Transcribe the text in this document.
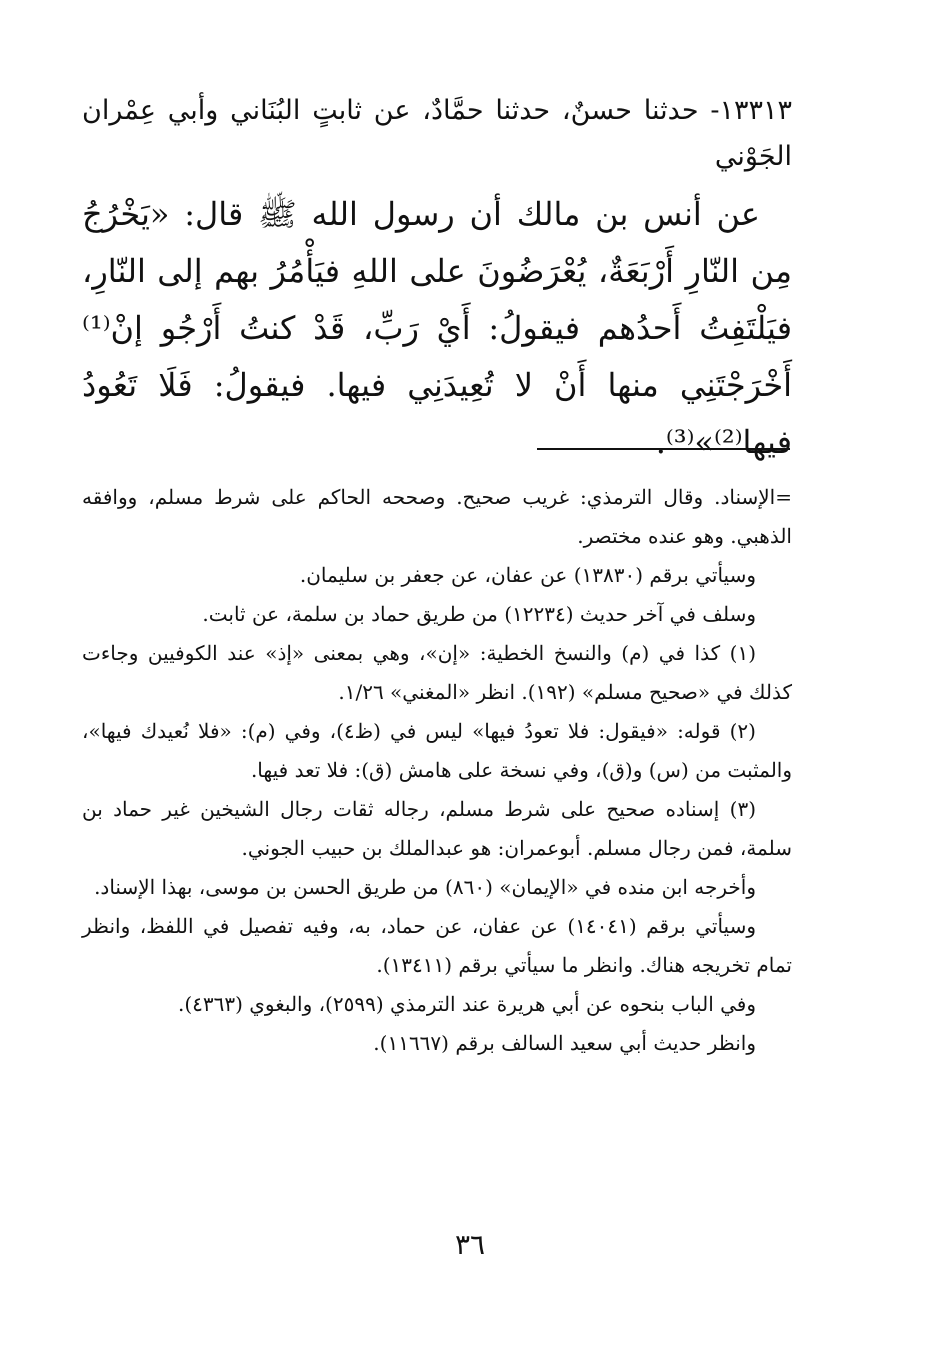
١٣٣١٣- حدثنا حسنٌ، حدثنا حمَّادٌ، عن ثابتٍ البُنَاني وأبي عِمْران الجَوْني

عن أنس بن مالك أن رسول الله ﷺ قال: «يَخْرُجُ مِن النّارِ أَرْبَعَةٌ، يُعْرَضُونَ على اللهِ فيَأْمُرُ بهم إلى النّارِ، فيَلْتَفِتُ أَحدُهم فيقولُ: أَيْ رَبِّ، قَدْ كنتُ أَرْجُو إنْ⁽¹⁾ أَخْرَجْتَنِي منها أَنْ لا تُعِيدَنِي فيها. فيقولُ: فَلَا تَعُودُ فيها⁽²⁾»⁽³⁾.

=الإسناد. وقال الترمذي: غريب صحيح. وصححه الحاكم على شرط مسلم، ووافقه الذهبي. وهو عنده مختصر.

وسيأتي برقم (١٣٨٣٠) عن عفان، عن جعفر بن سليمان.

وسلف في آخر حديث (١٢٢٣٤) من طريق حماد بن سلمة، عن ثابت.

(١) كذا في (م) والنسخ الخطية: «إن»، وهي بمعنى «إذ» عند الكوفيين وجاءت كذلك في «صحيح مسلم» (١٩٢). انظر «المغني» ١/٢٦.

(٢) قوله: «فيقول: فلا تعودُ فيها» ليس في (ظ٤)، وفي (م): «فلا نُعيدك فيها»، والمثبت من (س) و(ق)، وفي نسخة على هامش (ق): فلا تعد فيها.

(٣) إسناده صحيح على شرط مسلم، رجاله ثقات رجال الشيخين غير حماد بن سلمة، فمن رجال مسلم. أبوعمران: هو عبدالملك بن حبيب الجوني.

وأخرجه ابن منده في «الإيمان» (٨٦٠) من طريق الحسن بن موسى، بهذا الإسناد.

وسيأتي برقم (١٤٠٤١) عن عفان، عن حماد، به، وفيه تفصيل في اللفظ، وانظر تمام تخريجه هناك. وانظر ما سيأتي برقم (١٣٤١١).

وفي الباب بنحوه عن أبي هريرة عند الترمذي (٢٥٩٩)، والبغوي (٤٣٦٣).

وانظر حديث أبي سعيد السالف برقم (١١٦٦٧).

٣٦
